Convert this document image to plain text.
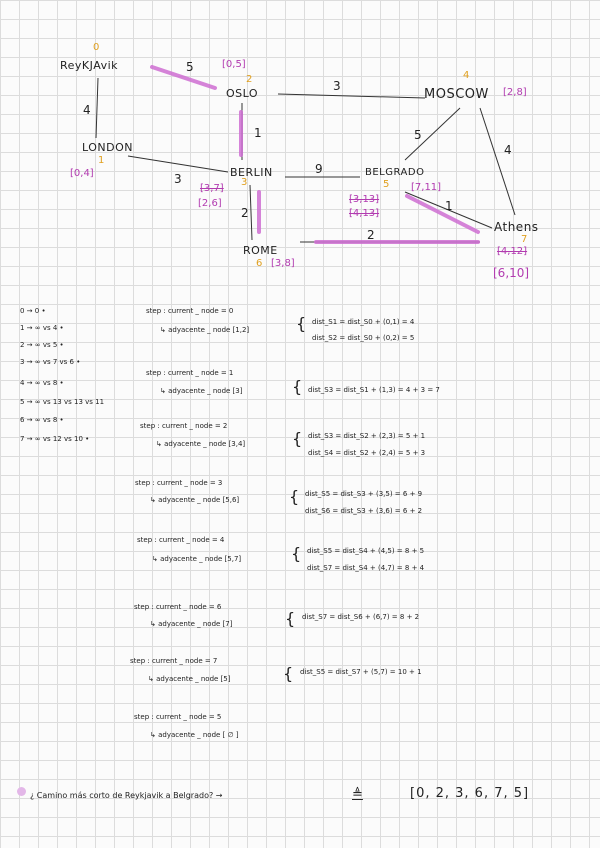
0
ReyKJAvik	[0,5]
2
OSLO
4
MOSCOW [2,8]
LONDON
1
[0,4]	BERLIN
3
[3,7]
[2,6]
BELGRADO
5 [7,11]
[3,13]
[4,13]
ROME
6 [3,8]
Athens
7
[4,12]
[6,10]
5
4
3
1
3
9
2
5
4
1
2
0 → 0 •
1 → ∞ vs 4 •
2 → ∞ vs 5 •
3 → ∞ vs 7 vs 6 •
4 → ∞ vs 8 •
5 → ∞ vs 13 vs 13 vs 11
6 → ∞ vs 8 •
7 → ∞ vs 12 vs 10 •
step : current _ node = 0
↳ adyacente _ node [1,2]	{ dist_S1 = dist_S0 + (0,1) = 4
dist_S2 = dist_S0 + (0,2) = 5
step : current _ node = 1
↳ adyacente _ node [3]	{ dist_S3 = dist_S1 + (1,3) = 4 + 3 = 7
step : current _ node = 2
↳ adyacente _ node [3,4]	{ dist_S3 = dist_S2 + (2,3) = 5 + 1
dist_S4 = dist_S2 + (2,4) = 5 + 3
step : current _ node = 3
↳ adyacente _ node [5,6]	{ dist_S5 = dist_S3 + (3,5) = 6 + 9
dist_S6 = dist_S3 + (3,6) = 6 + 2
step : current _ node = 4
↳ adyacente _ node [5,7]	{ dist_S5 = dist_S4 + (4,5) = 8 + 5
dist_S7 = dist_S4 + (4,7) = 8 + 4
step : current _ node = 6
↳ adyacente _ node [7]	{ dist_S7 = dist_S6 + (6,7) = 8 + 2
step : current _ node = 7
↳ adyacente _ node [5]	{ dist_S5 = dist_S7 + (5,7) = 10 + 1
step : current _ node = 5
↳ adyacente _ node [ ∅ ]
¿ Camino más corto de Reykjavik a Belgrado? →	≜	[0, 2, 3, 6, 7, 5]
